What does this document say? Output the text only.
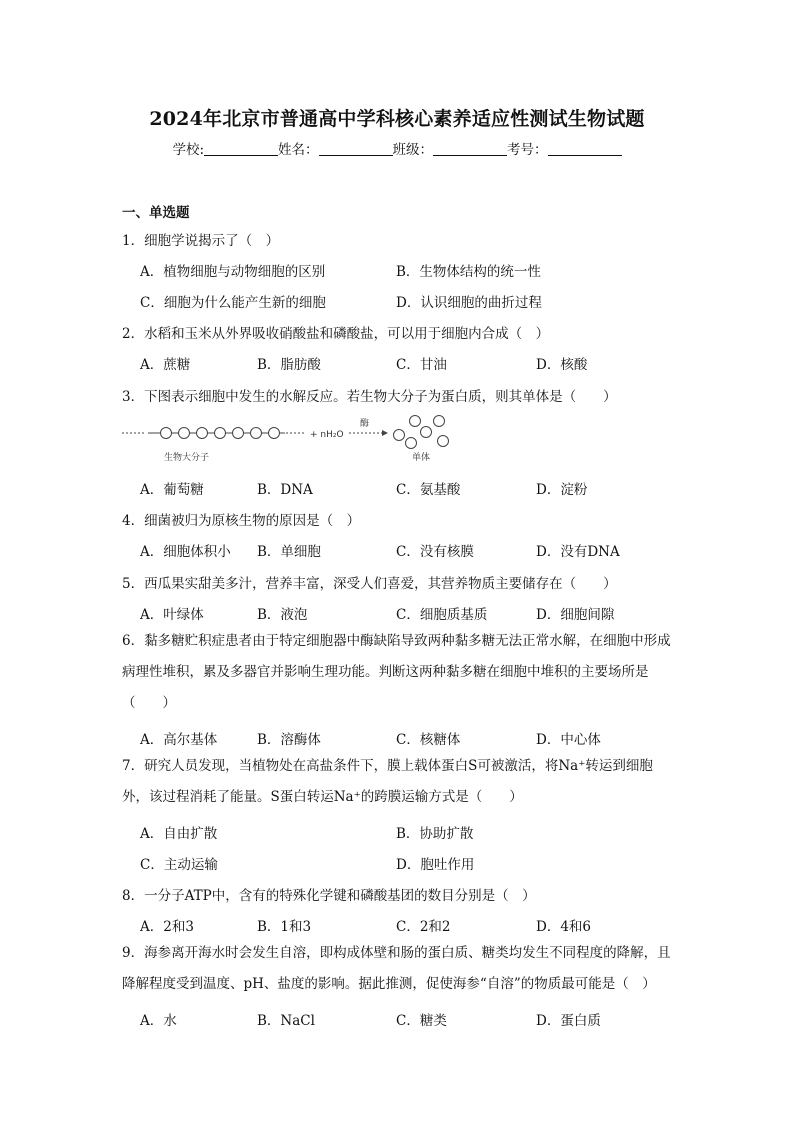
2024年北京市普通高中学科核心素养适应性测试生物试题
学校:	姓名：	班级：	考号：
一、单选题
1．细胞学说揭示了（　）
A．植物细胞与动物细胞的区别	B．生物体结构的统一性
C．细胞为什么能产生新的细胞	D．认识细胞的曲折过程
2．水稻和玉米从外界吸收硝酸盐和磷酸盐，可以用于细胞内合成（　）
A．蔗糖	B．脂肪酸	C．甘油	D．核酸
3．下图表示细胞中发生的水解反应。若生物大分子为蛋白质，则其单体是（　　）
+ nH₂O
酶
生物大分子	单体
A．葡萄糖	B．DNA	C．氨基酸	D．淀粉
4．细菌被归为原核生物的原因是（　）
A．细胞体积小 B．单细胞	C．没有核膜	D．没有DNA
5．西瓜果实甜美多汁，营养丰富，深受人们喜爱，其营养物质主要储存在（　　）
A．叶绿体	B．液泡	C．细胞质基质	D．细胞间隙
6．黏多糖贮积症患者由于特定细胞器中酶缺陷导致两种黏多糖无法正常水解，在细胞中形成病理性堆积，累及多器官并影响生理功能。判断这两种黏多糖在细胞中堆积的主要场所是（　　）
A．高尔基体	B．溶酶体	C．核糖体	D．中心体
7．研究人员发现，当植物处在高盐条件下，膜上载体蛋白S可被激活，将Na⁺转运到细胞外，该过程消耗了能量。S蛋白转运Na⁺的跨膜运输方式是（　　）
A．自由扩散	B．协助扩散
C．主动运输	D．胞吐作用
8．一分子ATP中，含有的特殊化学键和磷酸基团的数目分别是（　）
A．2和3	B．1和3	C．2和2	D．4和6
9．海参离开海水时会发生自溶，即构成体壁和肠的蛋白质、糖类均发生不同程度的降解，且降解程度受到温度、pH、盐度的影响。据此推测，促使海参“自溶”的物质最可能是（　）
A．水	B．NaCl	C．糖类	D．蛋白质
